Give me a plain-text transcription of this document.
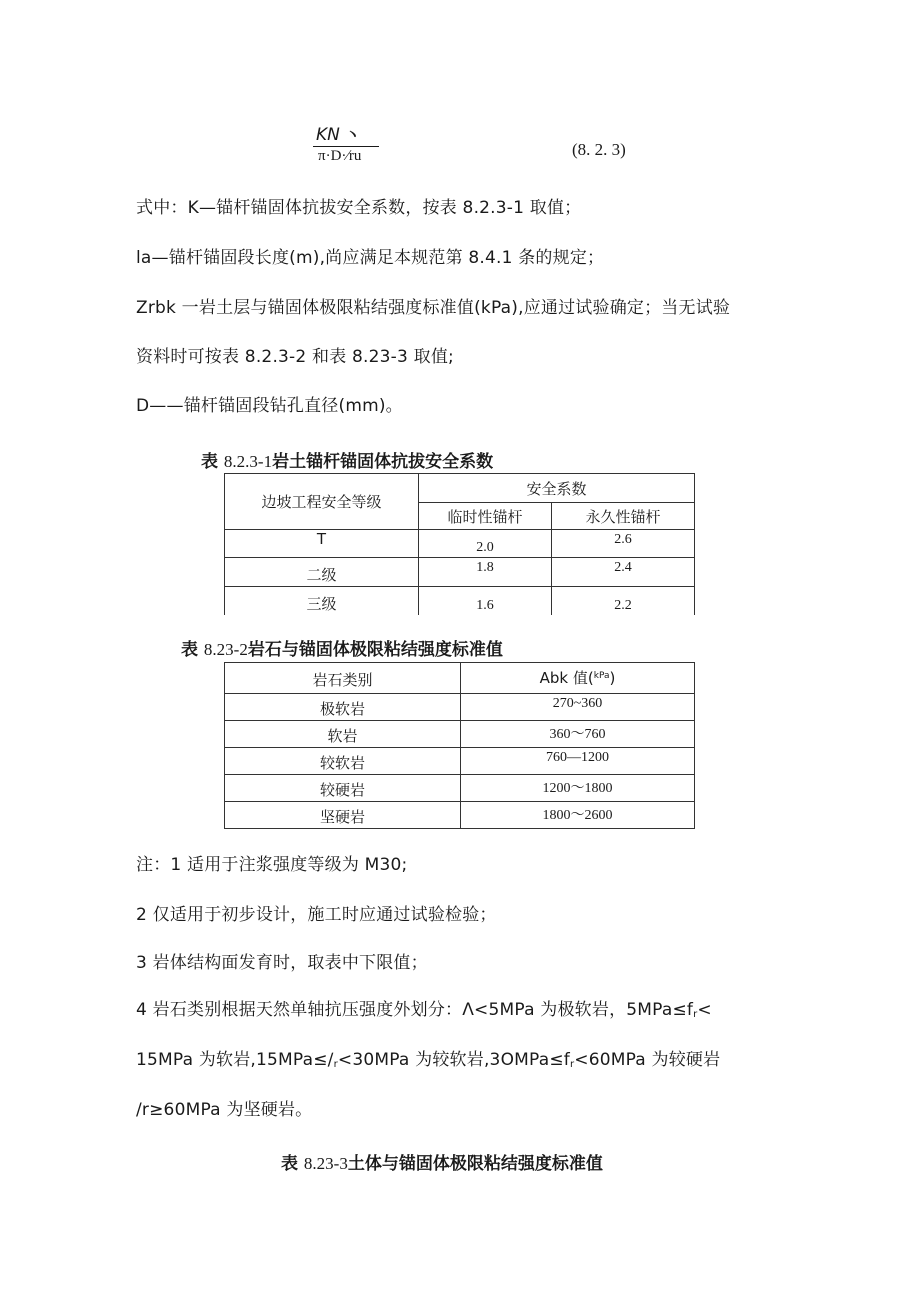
KN 丶
π·D·∕ru	(8. 2. 3)
式中：K—锚杆锚固体抗拔安全系数，按表 8.2.3-1 取值；
la—锚杆锚固段长度(m),尚应满足本规范第 8.4.1 条的规定；
Zrbk 一岩土层与锚固体极限粘结强度标准值(kPa),应通过试验确定；当无试验
资料时可按表 8.2.3-2 和表 8.23-3 取值;
D——锚杆锚固段钻孔直径(mm)。
表 8.2.3-1岩土锚杆锚固体抗拔安全系数
边坡工程安全等级	安全系数	
	临时性锚杆	永久性锚杆
T	2.0	2.6
二级	1.8	2.4
三级	1.6	2.2
表 8.23-2岩石与锚固体极限粘结强度标准值
岩石类别	Abk 值($^{kPa}$)
极软岩	270~360
软岩	360～760
较软岩	760—1200
较硬岩	1200～1800
坚硬岩	1800～2600
注：1 适用于注浆强度等级为 M30;
2 仅适用于初步设计，施工时应通过试验检验；
3 岩体结构面发育时，取表中下限值；
4 岩石类别根据天然单轴抗压强度外划分：Λ<5MPa 为极软岩，$5MPa\le f_r<$
15MPa 为软岩$,15MPa\le∕_r<30MPa$ 为较软岩$,3OMPa\le f_r<60MPa$ 为较硬岩
/r≥60MPa 为坚硬岩。
表 8.23-3土体与锚固体极限粘结强度标准值
